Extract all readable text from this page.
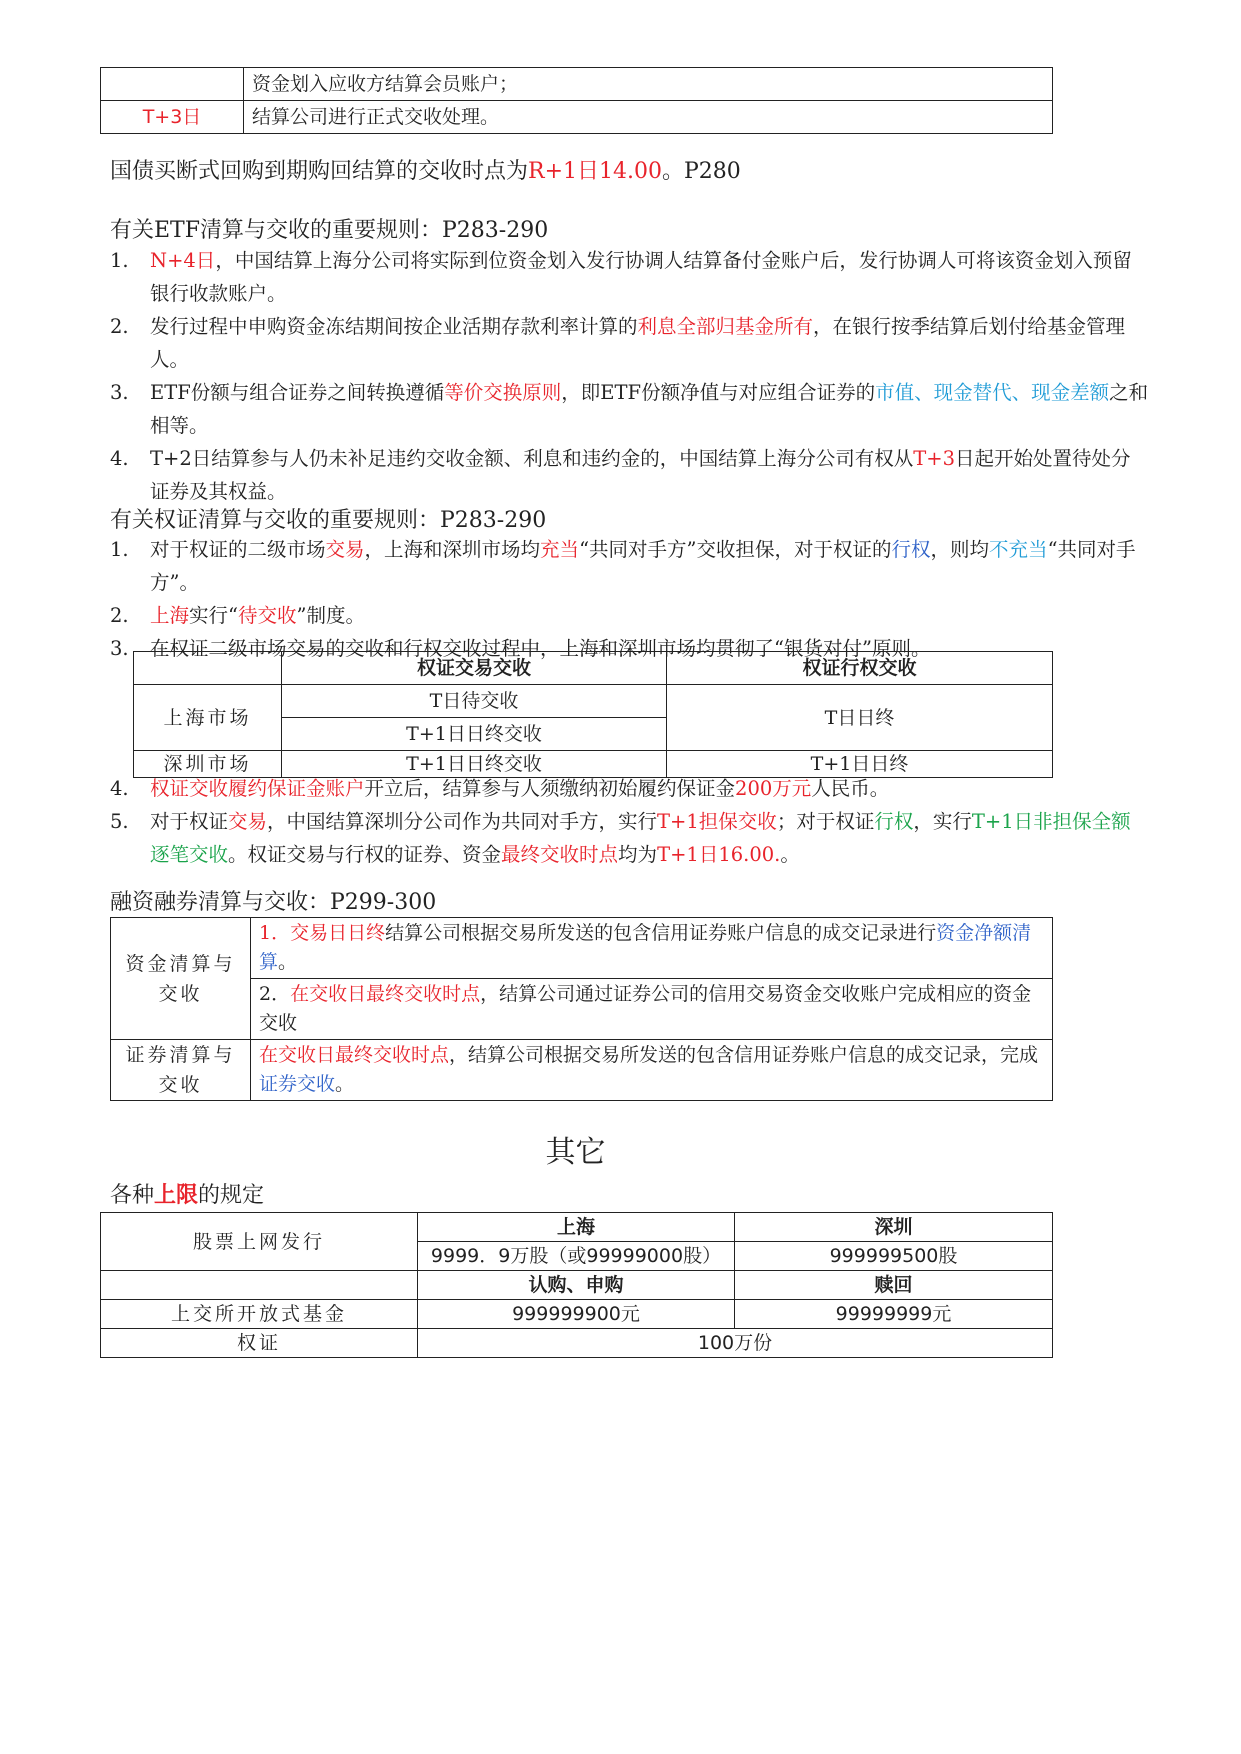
	资金划入应收方结算会员账户；
T+3日	结算公司进行正式交收处理。
国债买断式回购到期购回结算的交收时点为R+1日14.00。P280
有关ETF清算与交收的重要规则：P283-290
1. N+4日，中国结算上海分公司将实际到位资金划入发行协调人结算备付金账户后，发行协调人可将该资金划入预留银行收款账户。
2. 发行过程中申购资金冻结期间按企业活期存款利率计算的利息全部归基金所有，在银行按季结算后划付给基金管理人。
3. ETF份额与组合证券之间转换遵循等价交换原则，即ETF份额净值与对应组合证券的市值、现金替代、现金差额之和相等。
4. T+2日结算参与人仍未补足违约交收金额、利息和违约金的，中国结算上海分公司有权从T+3日起开始处置待处分证券及其权益。
有关权证清算与交收的重要规则：P283-290
1. 对于权证的二级市场交易，上海和深圳市场均充当“共同对手方”交收担保，对于权证的行权，则均不充当“共同对手方”。
2. 上海实行“待交收”制度。
3. 在权证二级市场交易的交收和行权交收过程中，上海和深圳市场均贯彻了“银货对付”原则。
	权证交易交收	权证行权交收
上海市场	T日待交收	T日日终
	T+1日日终交收	
深圳市场	T+1日日终交收	T+1日日终
4. 权证交收履约保证金账户开立后，结算参与人须缴纳初始履约保证金200万元人民币。
5. 对于权证交易，中国结算深圳分公司作为共同对手方，实行T+1担保交收；对于权证行权，实行T+1日非担保全额逐笔交收。权证交易与行权的证券、资金最终交收时点均为T+1日16.00.。
融资融券清算与交收：P299-300
资金清算与交收	1．交易日日终结算公司根据交易所发送的包含信用证券账户信息的成交记录进行资金净额清算。
	2．在交收日最终交收时点，结算公司通过证券公司的信用交易资金交收账户完成相应的资金交收
证券清算与交收	在交收日最终交收时点，结算公司根据交易所发送的包含信用证券账户信息的成交记录，完成证券交收。
其它
各种上限的规定
股票上网发行	上海	深圳
	9999．9万股（或99999000股）	999999500股
	认购、申购	赎回
上交所开放式基金	999999900元	99999999元
权证	100万份	
